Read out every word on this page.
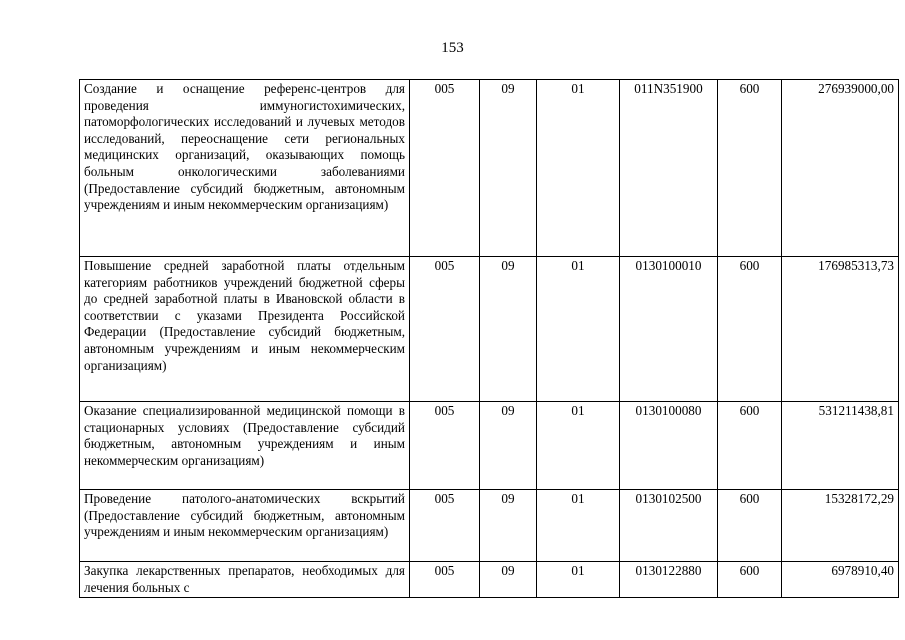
153
Создание и оснащение референс-центров для проведения иммуногистохимических, патоморфологических исследований и лучевых методов исследований, переоснащение сети региональных медицинских организаций, оказывающих помощь больным онкологическими заболеваниями (Предоставление субсидий бюджетным, автономным учреждениям и иным некоммерческим организациям)	005	09	01	011N351900	600	276939000,00

Повышение средней заработной платы отдельным категориям работников учреждений бюджетной сферы до средней заработной платы в Ивановской области в соответствии с указами Президента Российской Федерации (Предоставление субсидий бюджетным, автономным учреждениям и иным некоммерческим организациям)	005	09	01	0130100010	600	176985313,73

Оказание специализированной медицинской помощи в стационарных условиях (Предоставление субсидий бюджетным, автономным учреждениям и иным некоммерческим организациям)	005	09	01	0130100080	600	531211438,81

Проведение патолого-анатомических вскрытий (Предоставление субсидий бюджетным, автономным учреждениям и иным некоммерческим организациям)	005	09	01	0130102500	600	15328172,29

Закупка лекарственных препаратов, необходимых для лечения больных с	005	09	01	0130122880	600	6978910,40
